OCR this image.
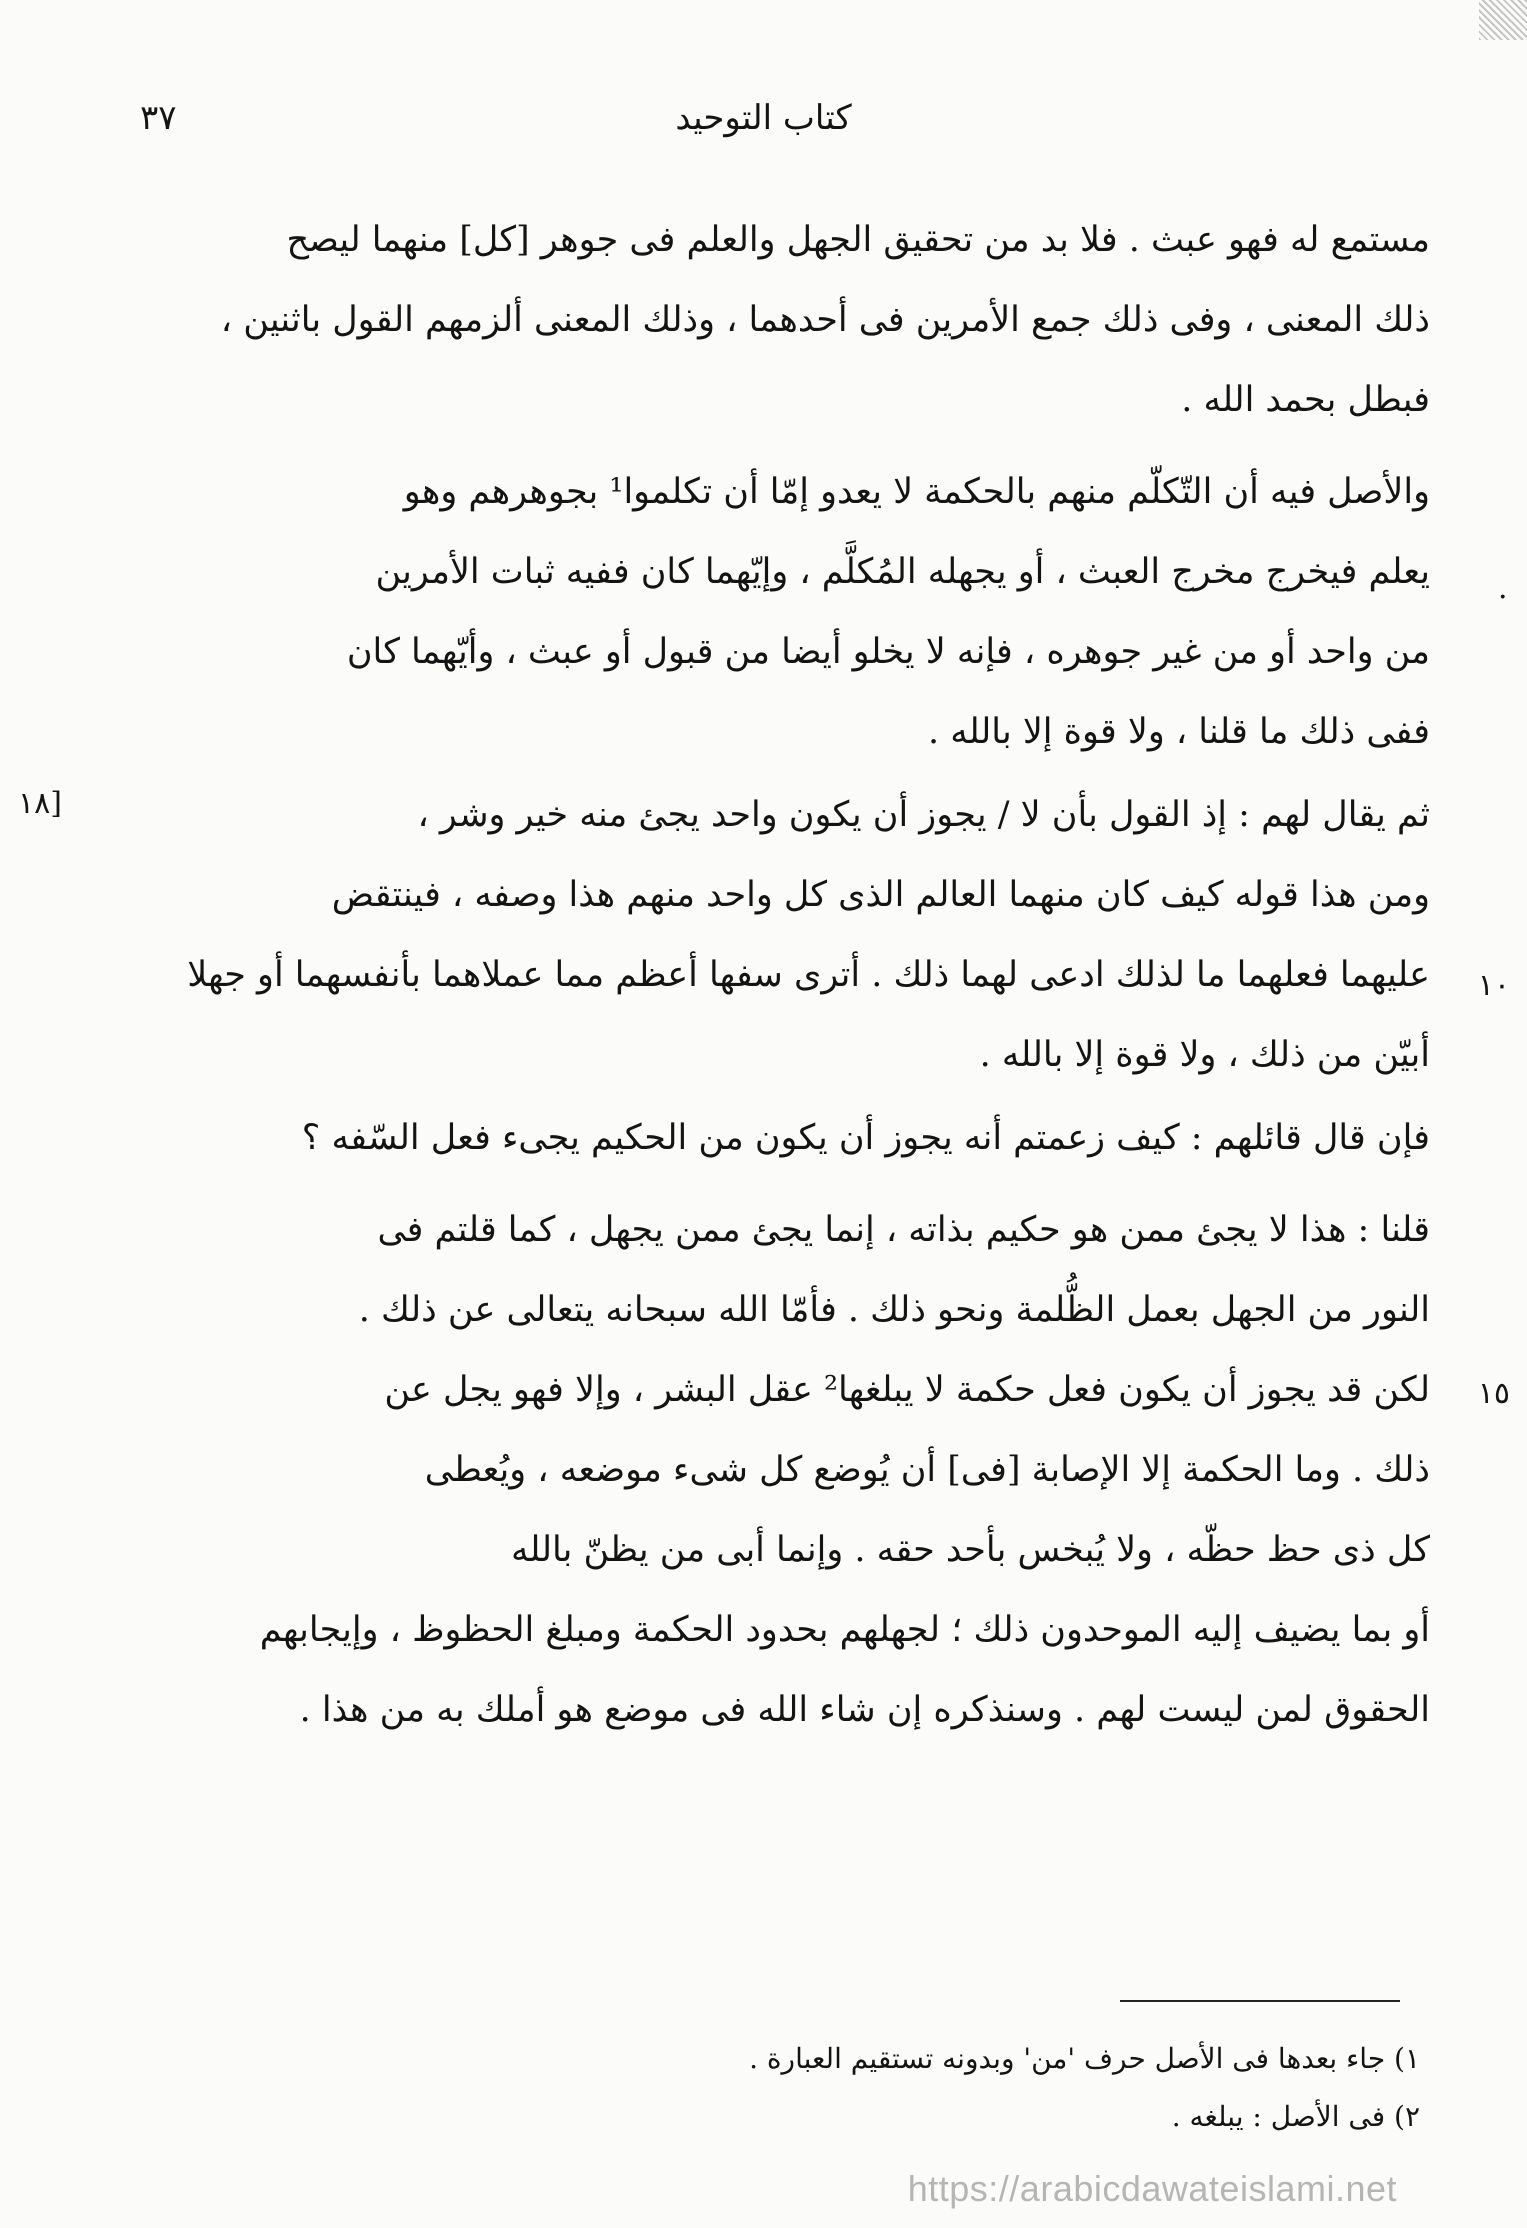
كتاب التوحيد
٣٧
[١٨
١٠
١٥
·
مستمع له فهو عبث . فلا بد من تحقيق الجهل والعلم فى جوهر [كل] منهما ليصح
ذلك المعنى ، وفى ذلك جمع الأمرين فى أحدهما ، وذلك المعنى ألزمهم القول باثنين ،
فبطل بحمد الله .
والأصل فيه أن التّكلّم منهم بالحكمة لا يعدو إمّا أن تكلموا¹ بجوهرهم وهو
يعلم فيخرج مخرج العبث ، أو يجهله المُكلَّم ، وإيّهما كان ففيه ثبات الأمرين
من واحد أو من غير جوهره ، فإنه لا يخلو أيضا من قبول أو عبث ، وأيّهما كان
ففى ذلك ما قلنا ، ولا قوة إلا بالله .
ثم يقال لهم : إذ القول بأن لا / يجوز أن يكون واحد يجئ منه خير وشر ،
ومن هذا قوله كيف كان منهما العالم الذى كل واحد منهم هذا وصفه ، فينتقض
عليهما فعلهما ما لذلك ادعى لهما ذلك . أترى سفها أعظم مما عملاهما بأنفسهما أو جهلا
أبيّن من ذلك ، ولا قوة إلا بالله .
فإن قال قائلهم : كيف زعمتم أنه يجوز أن يكون من الحكيم يجىء فعل السّفه ؟
قلنا : هذا لا يجئ ممن هو حكيم بذاته ، إنما يجئ ممن يجهل ، كما قلتم فى
النور من الجهل بعمل الظُّلمة ونحو ذلك . فأمّا الله سبحانه يتعالى عن ذلك .
لكن قد يجوز أن يكون فعل حكمة لا يبلغها² عقل البشر ، وإلا فهو يجل عن
ذلك . وما الحكمة إلا الإصابة [فى] أن يُوضع كل شىء موضعه ، ويُعطى
كل ذى حظ حظّه ، ولا يُبخس بأحد حقه . وإنما أبى من يظنّ بالله
أو بما يضيف إليه الموحدون ذلك ؛ لجهلهم بحدود الحكمة ومبلغ الحظوظ ، وإيجابهم
الحقوق لمن ليست لهم . وسنذكره إن شاء الله فى موضع هو أملك به من هذا .
١) جاء بعدها فى الأصل حرف 'من' وبدونه تستقيم العبارة .
٢) فى الأصل : يبلغه .
https://arabicdawateislami.net
